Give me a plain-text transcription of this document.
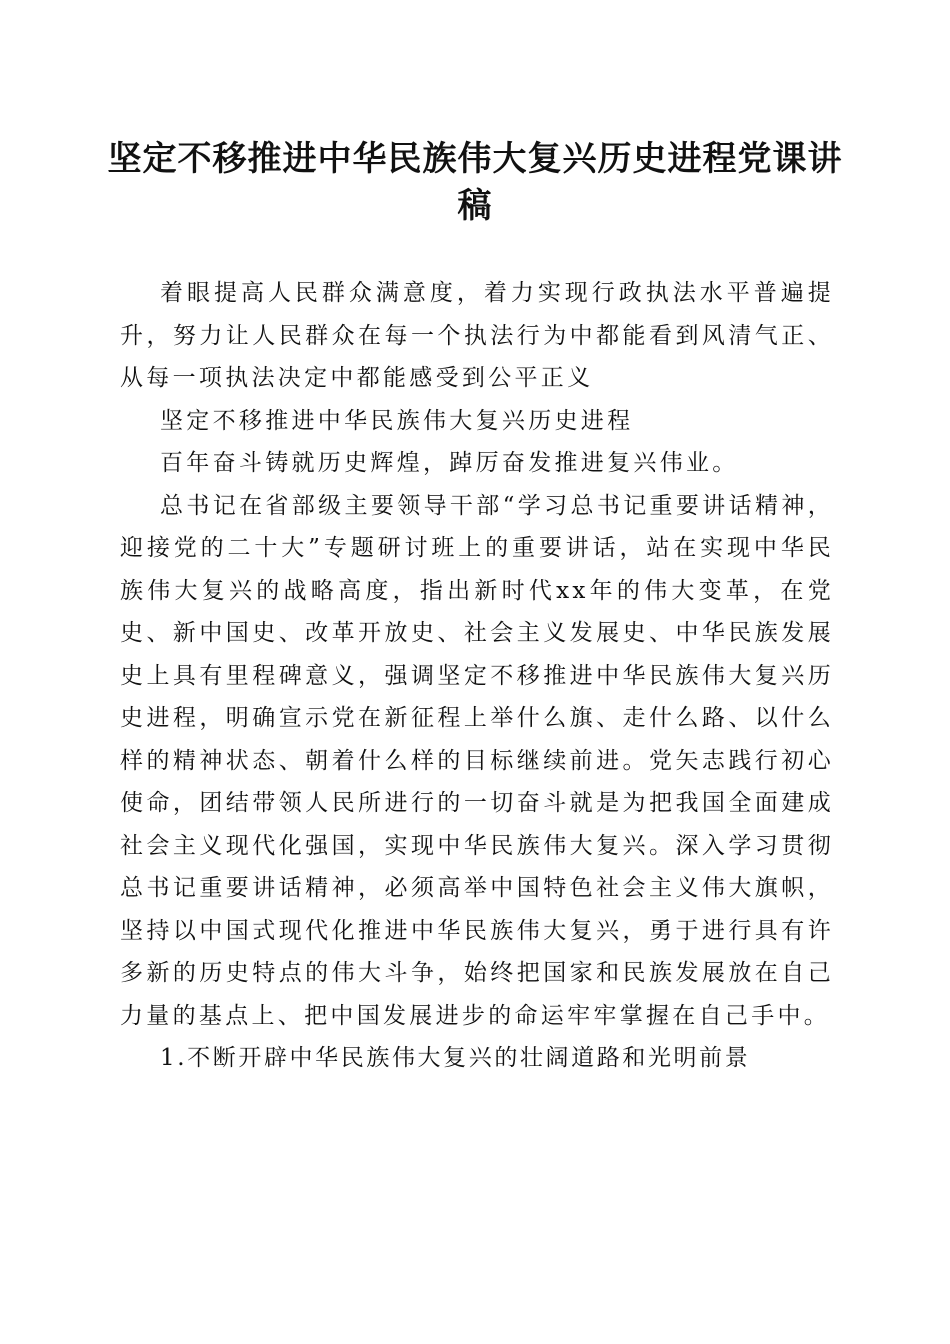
坚定不移推进中华民族伟大复兴历史进程党课讲稿

着眼提高人民群众满意度，着力实现行政执法水平普遍提升，努力让人民群众在每一个执法行为中都能看到风清气正、从每一项执法决定中都能感受到公平正义

坚定不移推进中华民族伟大复兴历史进程

百年奋斗铸就历史辉煌，踔厉奋发推进复兴伟业。

总书记在省部级主要领导干部“学习总书记重要讲话精神，迎接党的二十大”专题研讨班上的重要讲话，站在实现中华民族伟大复兴的战略高度，指出新时代xx年的伟大变革，在党史、新中国史、改革开放史、社会主义发展史、中华民族发展史上具有里程碑意义，强调坚定不移推进中华民族伟大复兴历史进程，明确宣示党在新征程上举什么旗、走什么路、以什么样的精神状态、朝着什么样的目标继续前进。党矢志践行初心使命，团结带领人民所进行的一切奋斗就是为把我国全面建成社会主义现代化强国，实现中华民族伟大复兴。深入学习贯彻总书记重要讲话精神，必须高举中国特色社会主义伟大旗帜，坚持以中国式现代化推进中华民族伟大复兴，勇于进行具有许多新的历史特点的伟大斗争，始终把国家和民族发展放在自己力量的基点上、把中国发展进步的命运牢牢掌握在自己手中。

1.不断开辟中华民族伟大复兴的壮阔道路和光明前景
